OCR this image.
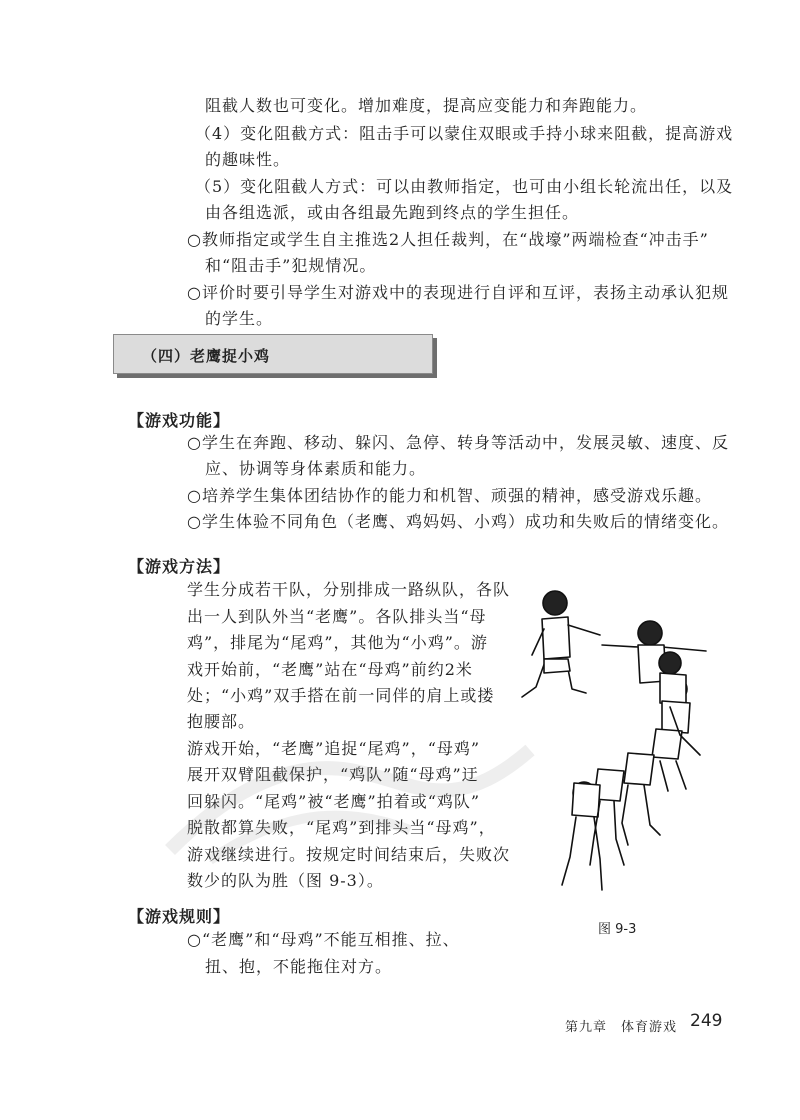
阻截人数也可变化。增加难度，提高应变能力和奔跑能力。
（4）变化阻截方式：阻击手可以蒙住双眼或手持小球来阻截，提高游戏
的趣味性。
（5）变化阻截人方式：可以由教师指定，也可由小组长轮流出任，以及
由各组选派，或由各组最先跑到终点的学生担任。
○教师指定或学生自主推选2人担任裁判，在“战壕”两端检查“冲击手”
和“阻击手”犯规情况。
○评价时要引导学生对游戏中的表现进行自评和互评，表扬主动承认犯规
的学生。
（四）老鹰捉小鸡
【游戏功能】
○学生在奔跑、移动、躲闪、急停、转身等活动中，发展灵敏、速度、反
应、协调等身体素质和能力。
○培养学生集体团结协作的能力和机智、顽强的精神，感受游戏乐趣。
○学生体验不同角色（老鹰、鸡妈妈、小鸡）成功和失败后的情绪变化。
【游戏方法】
学生分成若干队，分别排成一路纵队，各队
出一人到队外当“老鹰”。各队排头当“母
鸡”，排尾为“尾鸡”，其他为“小鸡”。游
戏开始前，“老鹰”站在“母鸡”前约2米
处；“小鸡”双手搭在前一同伴的肩上或搂
抱腰部。
游戏开始，“老鹰”追捉“尾鸡”，“母鸡”
展开双臂阻截保护，“鸡队”随“母鸡”迂
回躲闪。“尾鸡”被“老鹰”拍着或“鸡队”
脱散都算失败，“尾鸡”到排头当“母鸡”，
游戏继续进行。按规定时间结束后，失败次
数少的队为胜（图 9-3）。
图 9-3
【游戏规则】
○“老鹰”和“母鸡”不能互相推、拉、
扭、抱，不能拖住对方。
第九章　体育游戏 249
